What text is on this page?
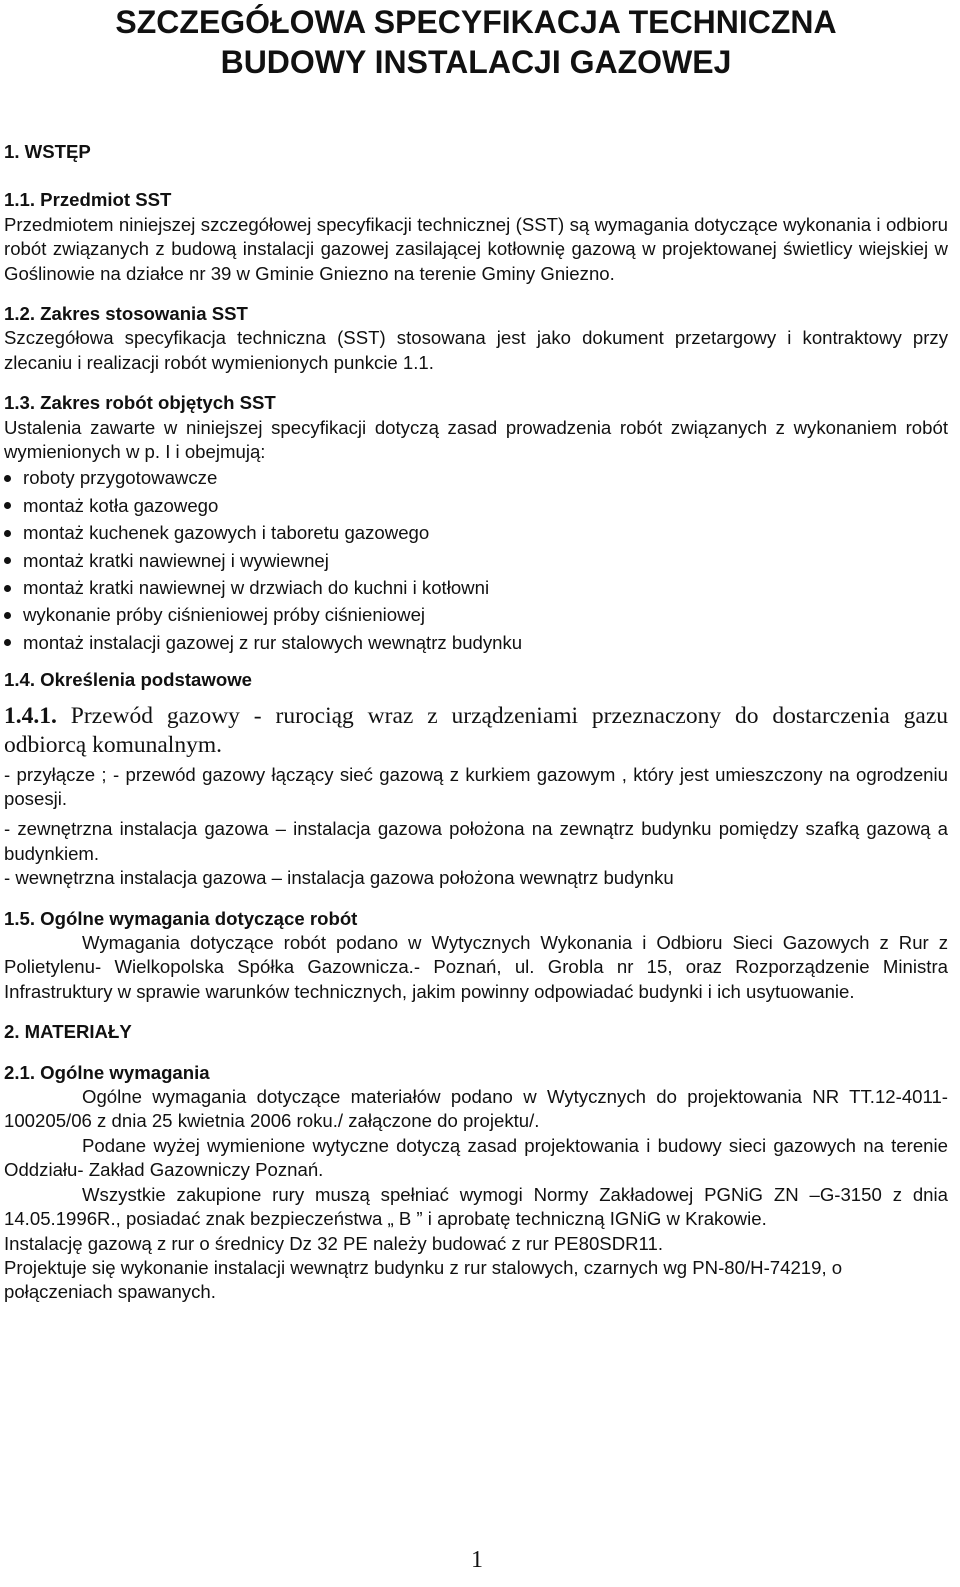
SZCZEGÓŁOWA SPECYFIKACJA TECHNICZNA
BUDOWY INSTALACJI GAZOWEJ
1. WSTĘP
1.1. Przedmiot SST
Przedmiotem niniejszej szczegółowej specyfikacji technicznej (SST) są wymagania dotyczące wykonania i odbioru robót związanych z budową instalacji gazowej zasilającej kotłownię gazową w projektowanej świetlicy wiejskiej w Goślinowie na działce nr 39 w Gminie Gniezno na terenie Gminy Gniezno.
1.2. Zakres stosowania SST
Szczegółowa specyfikacja techniczna (SST) stosowana jest jako dokument przetargowy i kontraktowy przy zlecaniu i realizacji robót wymienionych punkcie 1.1.
1.3. Zakres robót objętych SST
Ustalenia zawarte w niniejszej specyfikacji dotyczą zasad prowadzenia robót związanych z wykonaniem robót wymienionych w p. I i obejmują:
roboty przygotowawcze
montaż kotła gazowego
montaż kuchenek gazowych i taboretu gazowego
montaż kratki nawiewnej i wywiewnej
montaż kratki nawiewnej w drzwiach do kuchni i kotłowni
wykonanie próby ciśnieniowej próby ciśnieniowej
montaż instalacji gazowej z rur stalowych wewnątrz budynku
1.4. Określenia podstawowe
1.4.1. Przewód gazowy - rurociąg wraz z urządzeniami przeznaczony do dostarczenia gazu odbiorcą komunalnym.
- przyłącze ; - przewód gazowy łączący sieć gazową z kurkiem gazowym , który jest umieszczony na ogrodzeniu posesji.
- zewnętrzna instalacja gazowa – instalacja gazowa położona na zewnątrz budynku pomiędzy szafką gazową a budynkiem.
- wewnętrzna instalacja gazowa – instalacja gazowa położona wewnątrz budynku
1.5. Ogólne wymagania dotyczące robót
Wymagania dotyczące robót podano w Wytycznych Wykonania i Odbioru Sieci Gazowych z Rur z Polietylenu- Wielkopolska Spółka Gazownicza.- Poznań, ul. Grobla nr 15, oraz Rozporządzenie Ministra Infrastruktury w sprawie warunków technicznych, jakim powinny odpowiadać budynki i ich usytuowanie.
2. MATERIAŁY
2.1. Ogólne wymagania
Ogólne wymagania dotyczące materiałów podano w Wytycznych do projektowania NR TT.12-4011-100205/06 z dnia 25 kwietnia 2006 roku./ załączone do projektu/.
Podane wyżej wymienione wytyczne dotyczą zasad projektowania i budowy sieci gazowych na terenie Oddziału- Zakład Gazowniczy Poznań.
Wszystkie zakupione rury muszą spełniać wymogi Normy Zakładowej PGNiG ZN –G-3150 z dnia 14.05.1996R., posiadać znak bezpieczeństwa „ B ” i aprobatę techniczną IGNiG w Krakowie.
Instalację gazową z rur o średnicy Dz 32 PE należy budować z rur PE80SDR11.
Projektuje się wykonanie instalacji wewnątrz budynku z rur stalowych, czarnych wg PN-80/H-74219, o połączeniach spawanych.
1
